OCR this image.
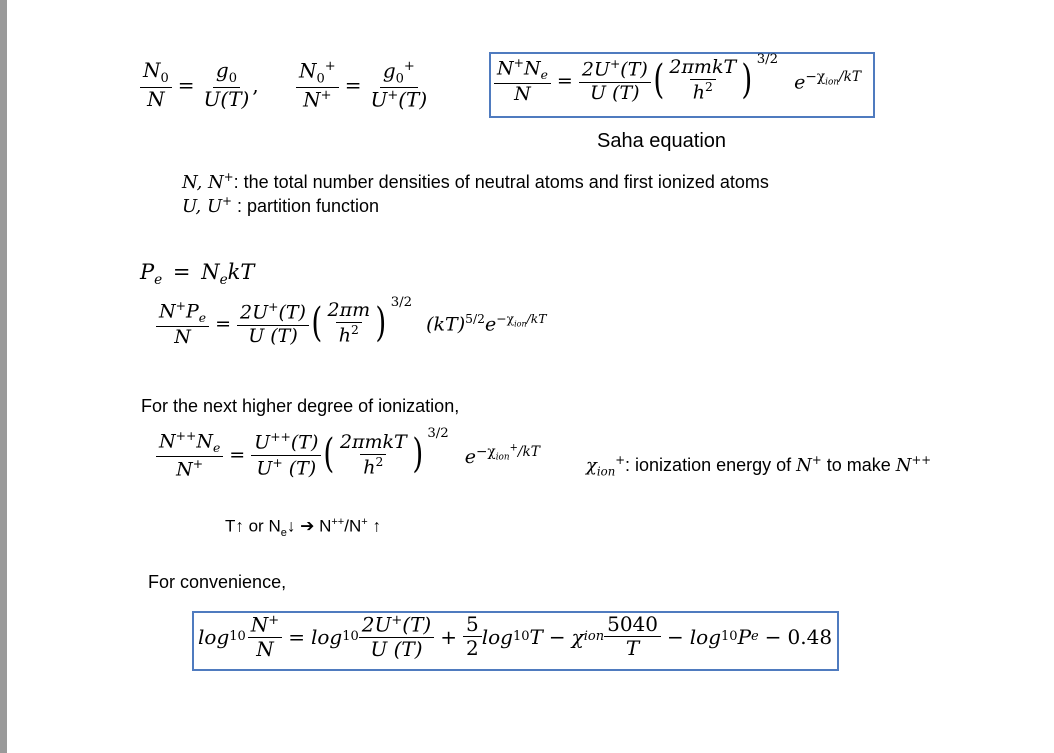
$\frac{N_0}{N} = \frac{g_0}{U(T)}$ , $\frac{N_0^+}{N^+} = \frac{g_0^+}{U^+(T)}$	$\frac{N^+N_e}{N} = \frac{2U^+(T)}{U (T)}$ ( $\frac{\text{2πmkT}}{h^2}$ ) 3/2
$e^{-\chi_{ion}/kT}$
Saha equation
N, N+: the total number densities of neutral atoms and first ionized atoms
U, U+ : partition function
$P_e = N_ekT$
$\frac{N^+P_e}{N} = \frac{2U^+(T)}{U (T)}$ ( $\frac{2\pi m}{h^2}$ ) 3/2
$(kT)^{5/2}e^{-\chi_{ion}/kT}$
For the next higher degree of ionization,
$\frac{N^{++}N_e}{N^+} = \frac{U^{++}(T)}{U^+ (T)}$ ( $\frac{\text{2πmkT}}{h^2}$ ) 3/2
$e^{-\chi_{ion}^+/kT}$
$\chi_{ion}^+$: ionization energy of N+ to make N++
T↑ or $N_e↓$ ➔ N++/N+ ↑
For convenience,
$\log 10 \frac{N^+}{N} = \log 10 \frac{2U^+(T)}{U (T)} + \frac{5}{2}$ log 10 T − χ ion $\frac{5040}{T} - \log 10$ P e − 0.48
